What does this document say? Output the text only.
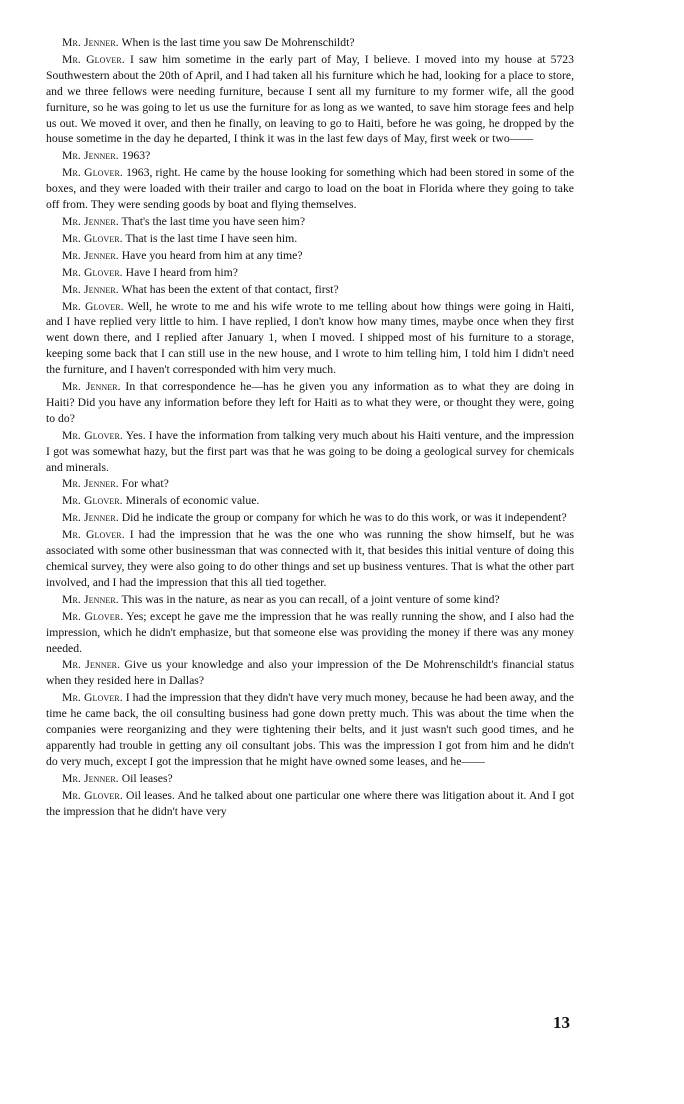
Mr. Jenner. When is the last time you saw De Mohrenschildt?

Mr. Glover. I saw him sometime in the early part of May, I believe. I moved into my house at 5723 Southwestern about the 20th of April, and I had taken all his furniture which he had, looking for a place to store, and we three fellows were needing furniture, because I sent all my furniture to my former wife, all the good furniture, so he was going to let us use the furniture for as long as we wanted, to save him storage fees and help us out. We moved it over, and then he finally, on leaving to go to Haiti, before he was going, he dropped by the house sometime in the day he departed, I think it was in the last few days of May, first week or two——

Mr. Jenner. 1963?

Mr. Glover. 1963, right. He came by the house looking for something which had been stored in some of the boxes, and they were loaded with their trailer and cargo to load on the boat in Florida where they going to take off from. They were sending goods by boat and flying themselves.

Mr. Jenner. That's the last time you have seen him?

Mr. Glover. That is the last time I have seen him.

Mr. Jenner. Have you heard from him at any time?

Mr. Glover. Have I heard from him?

Mr. Jenner. What has been the extent of that contact, first?

Mr. Glover. Well, he wrote to me and his wife wrote to me telling about how things were going in Haiti, and I have replied very little to him. I have replied, I don't know how many times, maybe once when they first went down there, and I replied after January 1, when I moved. I shipped most of his furniture to a storage, keeping some back that I can still use in the new house, and I wrote to him telling him, I told him I didn't need the furniture, and I haven't corresponded with him very much.

Mr. Jenner. In that correspondence he—has he given you any information as to what they are doing in Haiti? Did you have any information before they left for Haiti as to what they were, or thought they were, going to do?

Mr. Glover. Yes. I have the information from talking very much about his Haiti venture, and the impression I got was somewhat hazy, but the first part was that he was going to be doing a geological survey for chemicals and minerals.

Mr. Jenner. For what?

Mr. Glover. Minerals of economic value.

Mr. Jenner. Did he indicate the group or company for which he was to do this work, or was it independent?

Mr. Glover. I had the impression that he was the one who was running the show himself, but he was associated with some other businessman that was connected with it, that besides this initial venture of doing this chemical survey, they were also going to do other things and set up business ventures. That is what the other part involved, and I had the impression that this all tied together.

Mr. Jenner. This was in the nature, as near as you can recall, of a joint venture of some kind?

Mr. Glover. Yes; except he gave me the impression that he was really running the show, and I also had the impression, which he didn't emphasize, but that someone else was providing the money if there was any money needed.

Mr. Jenner. Give us your knowledge and also your impression of the De Mohrenschildt's financial status when they resided here in Dallas?

Mr. Glover. I had the impression that they didn't have very much money, because he had been away, and the time he came back, the oil consulting business had gone down pretty much. This was about the time when the companies were reorganizing and they were tightening their belts, and it just wasn't such good times, and he apparently had trouble in getting any oil consultant jobs. This was the impression I got from him and he didn't do very much, except I got the impression that he might have owned some leases, and he——

Mr. Jenner. Oil leases?

Mr. Glover. Oil leases. And he talked about one particular one where there was litigation about it. And I got the impression that he didn't have very

13
